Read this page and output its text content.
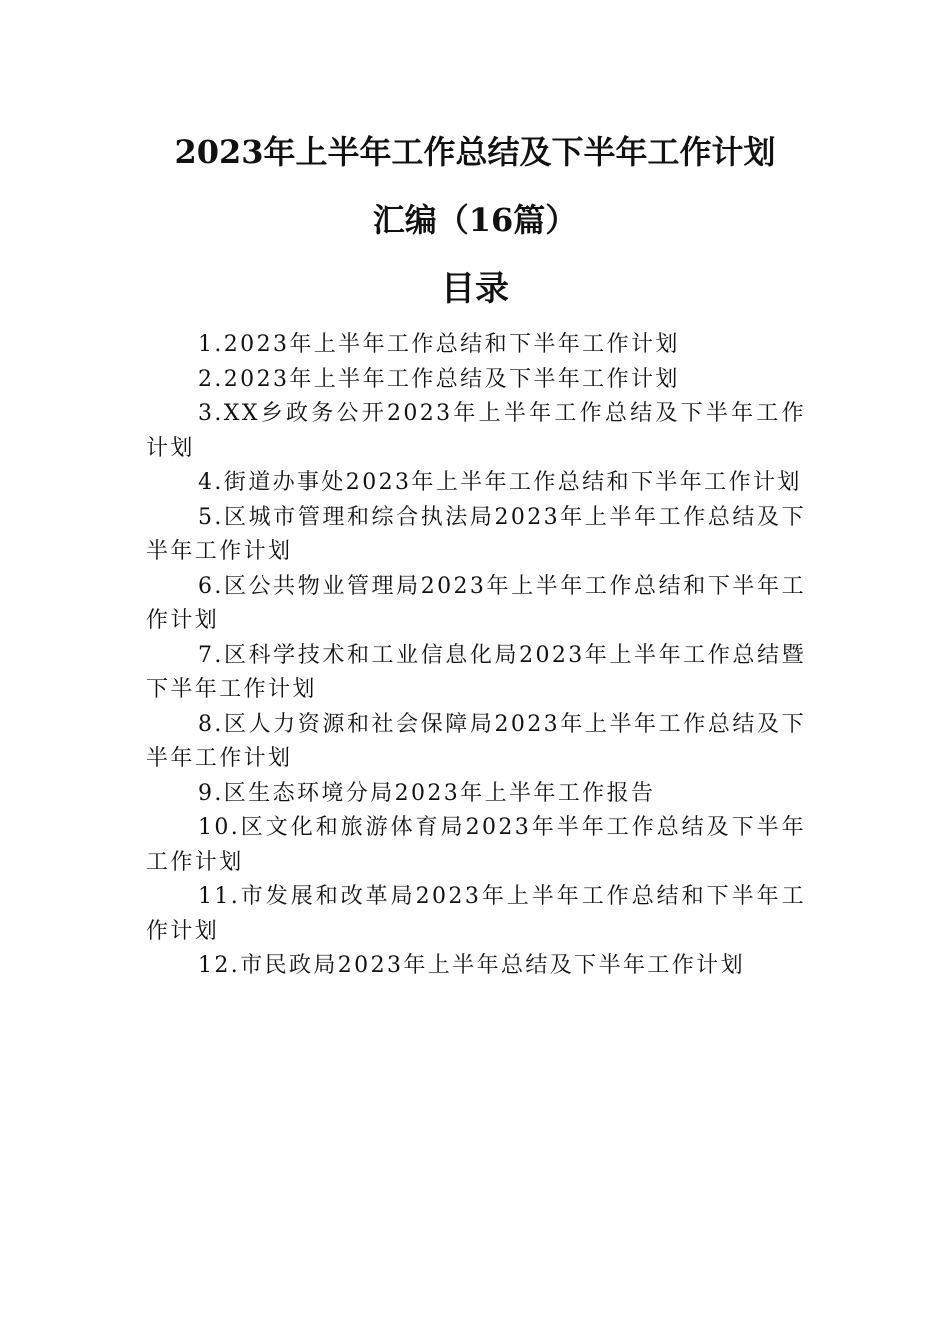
2023年上半年工作总结及下半年工作计划
汇编（16篇）
目录
1.2023年上半年工作总结和下半年工作计划
2.2023年上半年工作总结及下半年工作计划
3.XX乡政务公开2023年上半年工作总结及下半年工作计划
4.街道办事处2023年上半年工作总结和下半年工作计划
5.区城市管理和综合执法局2023年上半年工作总结及下半年工作计划
6.区公共物业管理局2023年上半年工作总结和下半年工作计划
7.区科学技术和工业信息化局2023年上半年工作总结暨下半年工作计划
8.区人力资源和社会保障局2023年上半年工作总结及下半年工作计划
9.区生态环境分局2023年上半年工作报告
10.区文化和旅游体育局2023年半年工作总结及下半年工作计划
11.市发展和改革局2023年上半年工作总结和下半年工作计划
12.市民政局2023年上半年总结及下半年工作计划
